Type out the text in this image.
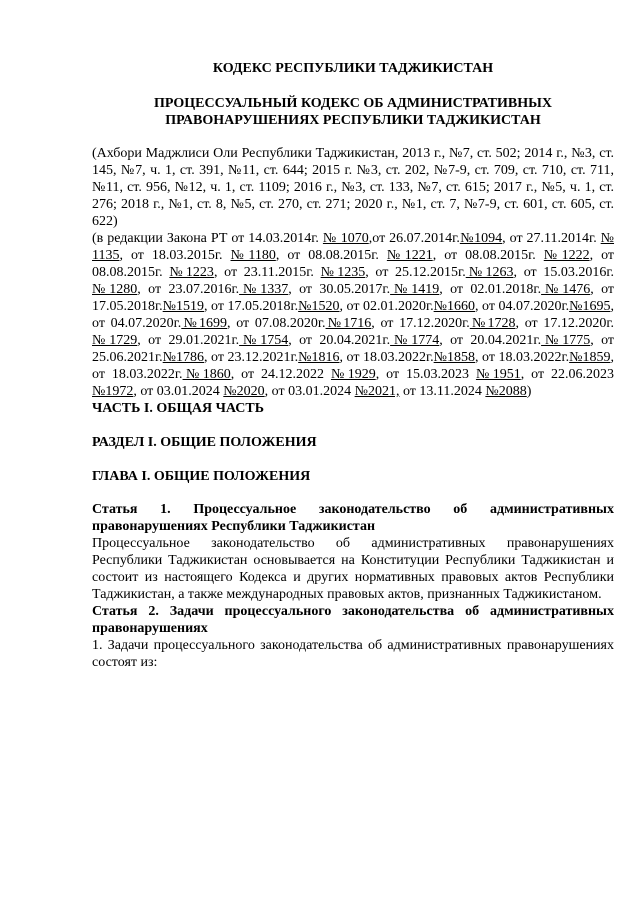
КОДЕКС РЕСПУБЛИКИ ТАДЖИКИСТАН
ПРОЦЕССУАЛЬНЫЙ КОДЕКС ОБ АДМИНИСТРАТИВНЫХ ПРАВОНАРУШЕНИЯХ РЕСПУБЛИКИ ТАДЖИКИСТАН

(Ахбори Маджлиси Оли Республики Таджикистан, 2013 г., №7, ст. 502; 2014 г., №3, ст. 145, №7, ч. 1, ст. 391, №11, ст. 644; 2015 г. №3, ст. 202, №7-9, ст. 709, ст. 710, ст. 711, №11, ст. 956, №12, ч. 1, ст. 1109; 2016 г., №3, ст. 133, №7, ст. 615; 2017 г., №5, ч. 1, ст. 276; 2018 г., №1, ст. 8, №5, ст. 270, ст. 271; 2020 г., №1, ст. 7, №7-9, ст. 601, ст. 605, ст. 622)

(в редакции Закона РТ от 14.03.2014г. № 1070,от 26.07.2014г.№1094, от 27.11.2014г. № 1135, от 18.03.2015г. №1180, от 08.08.2015г. №1221, от 08.08.2015г. №1222, от 08.08.2015г. №1223, от 23.11.2015г. №1235, от 25.12.2015г.№1263, от 15.03.2016г.№1280, от 23.07.2016г.№1337, от 30.05.2017г.№1419, от 02.01.2018г.№1476, от 17.05.2018г.№1519, от 17.05.2018г.№1520, от 02.01.2020г.№1660, от 04.07.2020г.№1695, от 04.07.2020г.№1699, от 07.08.2020г.№1716, от 17.12.2020г.№1728, от 17.12.2020г.№1729, от 29.01.2021г.№1754, от 20.04.2021г.№1774, от 20.04.2021г.№1775, от 25.06.2021г.№1786, от 23.12.2021г.№1816, от 18.03.2022г.№1858, от 18.03.2022г.№1859, от 18.03.2022г.№1860, от 24.12.2022 №1929, от 15.03.2023 №1951, от 22.06.2023 №1972, от 03.01.2024 №2020, от 03.01.2024 №2021, от 13.11.2024 №2088)

ЧАСТЬ I. ОБЩАЯ ЧАСТЬ
РАЗДЕЛ I. ОБЩИЕ ПОЛОЖЕНИЯ
ГЛАВА I. ОБЩИЕ ПОЛОЖЕНИЯ

Статья 1. Процессуальное законодательство об административных правонарушениях Республики Таджикистан

Процессуальное законодательство об административных правонарушениях Республики Таджикистан основывается на Конституции Республики Таджикистан и состоит из настоящего Кодекса и других нормативных правовых актов Республики Таджикистан, а также международных правовых актов, признанных Таджикистаном.

Статья 2. Задачи процессуального законодательства об административных правонарушениях

1. Задачи процессуального законодательства об административных правонарушениях состоят из:
